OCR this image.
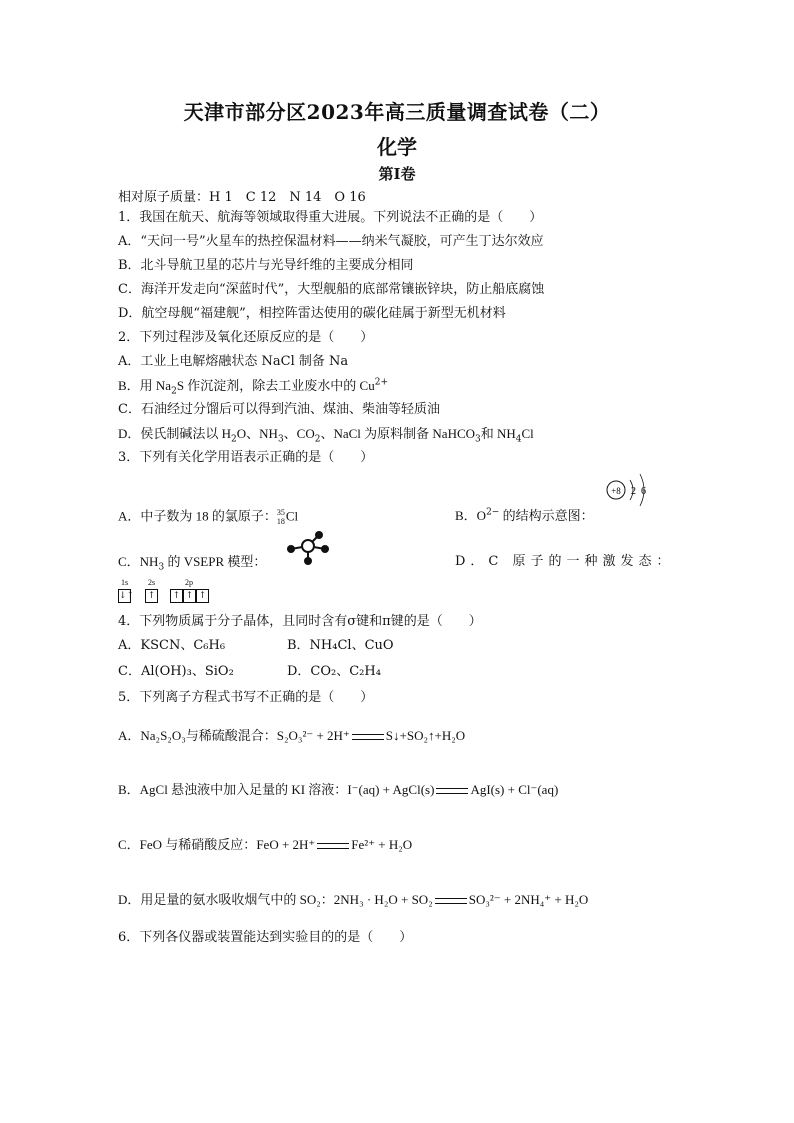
天津市部分区2023年高三质量调查试卷（二）
化学
第Ⅰ卷
相对原子质量：H 1　C 12　N 14　O 16
1．我国在航天、航海等领域取得重大进展。下列说法不正确的是（　　）
A．“天问一号”火星车的热控保温材料——纳米气凝胶，可产生丁达尔效应
B．北斗导航卫星的芯片与光导纤维的主要成分相同
C．海洋开发走向“深蓝时代”，大型舰船的底部常镶嵌锌块，防止船底腐蚀
D．航空母舰“福建舰”，相控阵雷达使用的碳化硅属于新型无机材料
2．下列过程涉及氧化还原反应的是（　　）
A．工业上电解熔融状态 NaCl 制备 Na
B．用 $Na_2S$ 作沉淀剂，除去工业废水中的 $Cu^{2+}$
C．石油经过分馏后可以得到汽油、煤油、柴油等轻质油
D．侯氏制碱法以 $H_2O$、$NH_3$、$CO_2$、NaCl 为原料制备 NaHCO$_3$和 $NH_4Cl$
3．下列有关化学用语表示正确的是（　　）
A．中子数为 18 的氯原子： 35
18 Cl	B．$O^{2-}$ 的结构示意图：
+8 2 6
C．$NH_3$ 的 VSEPR 模型：	D．C 原子的一种激发态：
1s 2s	2p
↓↑	↑	↑ ↑ ↑
4．下列物质属于分子晶体，且同时含有σ键和π键的是（　　）
A．KSCN、C₆H₆	B．NH₄Cl、CuO
C．Al(OH)₃、SiO₂	D．CO₂、C₂H₄
5．下列离子方程式书写不正确的是（　　）
A．Na₂S₂O₃与稀硫酸混合：S₂O₃²⁻ + 2H⁺	S↓+SO₂↑+H₂O
B．AgCl 悬浊液中加入足量的 KI 溶液：I⁻(aq) + AgCl(s)	AgI(s) + Cl⁻(aq)
C．FeO 与稀硝酸反应：FeO + 2H⁺	Fe²⁺ + H₂O
D．用足量的氨水吸收烟气中的 SO₂：2NH₃ · H₂O + SO₂	SO₃²⁻ + 2NH₄⁺ + H₂O
6．下列各仪器或装置能达到实验目的的是（　　）
